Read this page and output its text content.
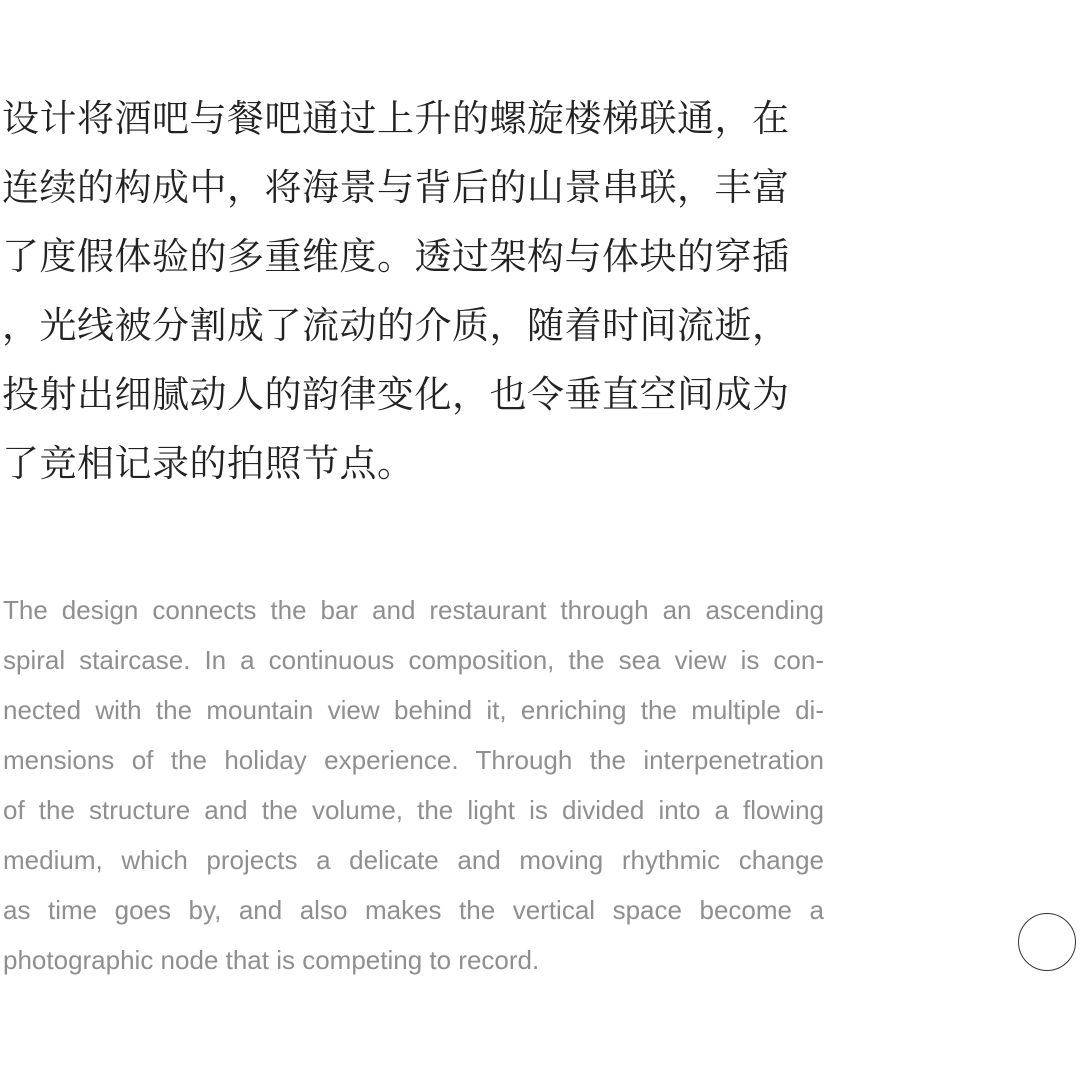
设计将酒吧与餐吧通过上升的螺旋楼梯联通，在
连续的构成中，将海景与背后的山景串联，丰富
了度假体验的多重维度。透过架构与体块的穿插
，光线被分割成了流动的介质，随着时间流逝，
投射出细腻动人的韵律变化，也令垂直空间成为
了竞相记录的拍照节点。
The design connects the bar and restaurant through an ascending
spiral staircase. In a continuous composition, the sea view is con-
nected with the mountain view behind it, enriching the multiple di-
mensions of the holiday experience. Through the interpenetration
of the structure and the volume, the light is divided into a flowing
medium, which projects a delicate and moving rhythmic change
as time goes by, and also makes the vertical space become a
photographic node that is competing to record.
